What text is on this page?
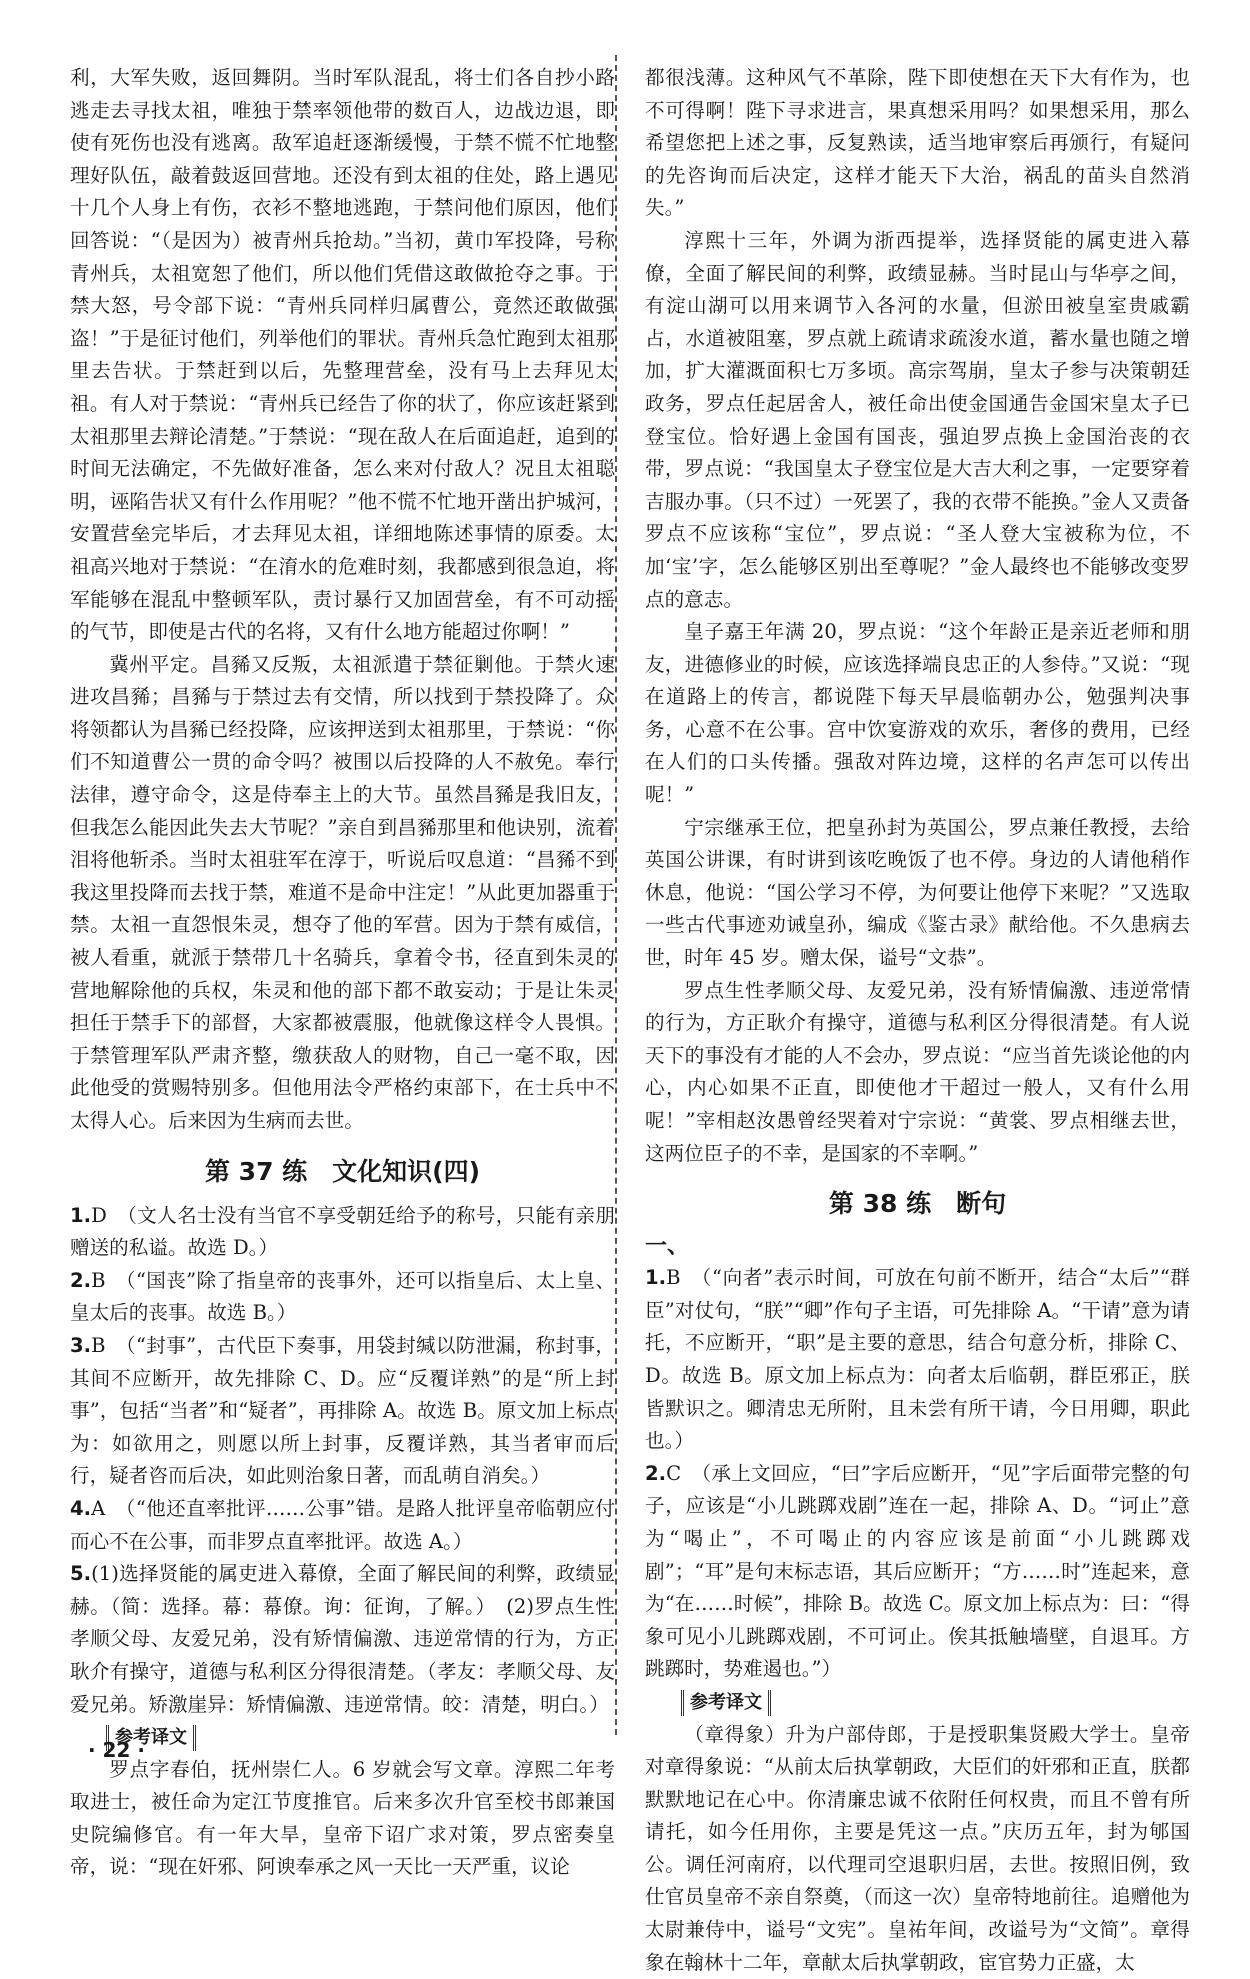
利，大军失败，返回舞阴。当时军队混乱，将士们各自抄小路逃走去寻找太祖，唯独于禁率领他带的数百人，边战边退，即使有死伤也没有逃离。敌军追赶逐渐缓慢，于禁不慌不忙地整理好队伍，敲着鼓返回营地。还没有到太祖的住处，路上遇见十几个人身上有伤，衣衫不整地逃跑，于禁问他们原因，他们回答说：“（是因为）被青州兵抢劫。”当初，黄巾军投降，号称青州兵，太祖宽恕了他们，所以他们凭借这敢做抢夺之事。于禁大怒，号令部下说：“青州兵同样归属曹公，竟然还敢做强盗！”于是征讨他们，列举他们的罪状。青州兵急忙跑到太祖那里去告状。于禁赶到以后，先整理营垒，没有马上去拜见太祖。有人对于禁说：“青州兵已经告了你的状了，你应该赶紧到太祖那里去辩论清楚。”于禁说：“现在敌人在后面追赶，追到的时间无法确定，不先做好准备，怎么来对付敌人？况且太祖聪明，诬陷告状又有什么作用呢？”他不慌不忙地开凿出护城河，安置营垒完毕后，才去拜见太祖，详细地陈述事情的原委。太祖高兴地对于禁说：“在淯水的危难时刻，我都感到很急迫，将军能够在混乱中整顿军队，责讨暴行又加固营垒，有不可动摇的气节，即使是古代的名将，又有什么地方能超过你啊！”

冀州平定。昌豨又反叛，太祖派遣于禁征剿他。于禁火速进攻昌豨；昌豨与于禁过去有交情，所以找到于禁投降了。众将领都认为昌豨已经投降，应该押送到太祖那里，于禁说：“你们不知道曹公一贯的命令吗？被围以后投降的人不赦免。奉行法律，遵守命令，这是侍奉主上的大节。虽然昌豨是我旧友，但我怎么能因此失去大节呢？”亲自到昌豨那里和他诀别，流着泪将他斩杀。当时太祖驻军在淳于，听说后叹息道：“昌豨不到我这里投降而去找于禁，难道不是命中注定！”从此更加器重于禁。太祖一直怨恨朱灵，想夺了他的军营。因为于禁有威信，被人看重，就派于禁带几十名骑兵，拿着令书，径直到朱灵的营地解除他的兵权，朱灵和他的部下都不敢妄动；于是让朱灵担任于禁手下的部督，大家都被震服，他就像这样令人畏惧。于禁管理军队严肃齐整，缴获敌人的财物，自己一毫不取，因此他受的赏赐特别多。但他用法令严格约束部下，在士兵中不太得人心。后来因为生病而去世。

第 37 练　文化知识(四)

1.D　（文人名士没有当官不享受朝廷给予的称号，只能有亲朋赠送的私谥。故选 D。）

2.B　（“国丧”除了指皇帝的丧事外，还可以指皇后、太上皇、皇太后的丧事。故选 B。）

3.B　（“封事”，古代臣下奏事，用袋封缄以防泄漏，称封事，其间不应断开，故先排除 C、D。应“反覆详熟”的是“所上封事”，包括“当者”和“疑者”，再排除 A。故选 B。原文加上标点为：如欲用之，则愿以所上封事，反覆详熟，其当者审而后行，疑者咨而后决，如此则治象日著，而乱萌自消矣。）

4.A　（“他还直率批评……公事”错。是路人批评皇帝临朝应付而心不在公事，而非罗点直率批评。故选 A。）

5.(1)选择贤能的属吏进入幕僚，全面了解民间的利弊，政绩显赫。（简：选择。幕：幕僚。询：征询，了解。）　(2)罗点生性孝顺父母、友爱兄弟，没有矫情偏激、违逆常情的行为，方正耿介有操守，道德与私利区分得很清楚。（孝友：孝顺父母、友爱兄弟。矫激崖异：矫情偏激、违逆常情。皎：清楚，明白。）

参考译文

罗点字春伯，抚州崇仁人。6 岁就会写文章。淳熙二年考取进士，被任命为定江节度推官。后来多次升官至校书郎兼国史院编修官。有一年大旱，皇帝下诏广求对策，罗点密奏皇帝，说：“现在奸邪、阿谀奉承之风一天比一天严重，议论

都很浅薄。这种风气不革除，陛下即使想在天下大有作为，也不可得啊！陛下寻求进言，果真想采用吗？如果想采用，那么希望您把上述之事，反复熟读，适当地审察后再颁行，有疑问的先咨询而后决定，这样才能天下大治，祸乱的苗头自然消失。”

淳熙十三年，外调为浙西提举，选择贤能的属吏进入幕僚，全面了解民间的利弊，政绩显赫。当时昆山与华亭之间，有淀山湖可以用来调节入各河的水量，但淤田被皇室贵戚霸占，水道被阻塞，罗点就上疏请求疏浚水道，蓄水量也随之增加，扩大灌溉面积七万多顷。高宗驾崩，皇太子参与决策朝廷政务，罗点任起居舍人，被任命出使金国通告金国宋皇太子已登宝位。恰好遇上金国有国丧，强迫罗点换上金国治丧的衣带，罗点说：“我国皇太子登宝位是大吉大利之事，一定要穿着吉服办事。（只不过）一死罢了，我的衣带不能换。”金人又责备罗点不应该称“宝位”，罗点说：“圣人登大宝被称为位，不加‘宝’字，怎么能够区别出至尊呢？”金人最终也不能够改变罗点的意志。

皇子嘉王年满 20，罗点说：“这个年龄正是亲近老师和朋友，进德修业的时候，应该选择端良忠正的人参侍。”又说：“现在道路上的传言，都说陛下每天早晨临朝办公，勉强判决事务，心意不在公事。宫中饮宴游戏的欢乐，奢侈的费用，已经在人们的口头传播。强敌对阵边境，这样的名声怎可以传出呢！”

宁宗继承王位，把皇孙封为英国公，罗点兼任教授，去给英国公讲课，有时讲到该吃晚饭了也不停。身边的人请他稍作休息，他说：“国公学习不停，为何要让他停下来呢？”又选取一些古代事迹劝诫皇孙，编成《鉴古录》献给他。不久患病去世，时年 45 岁。赠太保，谥号“文恭”。

罗点生性孝顺父母、友爱兄弟，没有矫情偏激、违逆常情的行为，方正耿介有操守，道德与私利区分得很清楚。有人说天下的事没有才能的人不会办，罗点说：“应当首先谈论他的内心，内心如果不正直，即使他才干超过一般人，又有什么用呢！”宰相赵汝愚曾经哭着对宁宗说：“黄裳、罗点相继去世，这两位臣子的不幸，是国家的不幸啊。”

第 38 练　断句
一、

1.B　（“向者”表示时间，可放在句前不断开，结合“太后”“群臣”对仗句，“朕”“卿”作句子主语，可先排除 A。“干请”意为请托，不应断开，“职”是主要的意思，结合句意分析，排除 C、D。故选 B。原文加上标点为：向者太后临朝，群臣邪正，朕皆默识之。卿清忠无所附，且未尝有所干请，今日用卿，职此也。）

2.C　（承上文回应，“曰”字后应断开，“见”字后面带完整的句子，应该是“小儿跳踯戏剧”连在一起，排除 A、D。“诃止”意为“喝止”，不可喝止的内容应该是前面“小儿跳踯戏剧”；“耳”是句末标志语，其后应断开；“方……时”连起来，意为“在……时候”，排除 B。故选 C。原文加上标点为：曰：“得象可见小儿跳踯戏剧，不可诃止。俟其抵触墙壁，自退耳。方跳踯时，势难遏也。”）

参考译文

（章得象）升为户部侍郎，于是授职集贤殿大学士。皇帝对章得象说：“从前太后执掌朝政，大臣们的奸邪和正直，朕都默默地记在心中。你清廉忠诚不依附任何权贵，而且不曾有所请托，如今任用你，主要是凭这一点。”庆历五年，封为郇国公。调任河南府，以代理司空退职归居，去世。按照旧例，致仕官员皇帝不亲自祭奠，（而这一次）皇帝特地前往。追赠他为太尉兼侍中，谥号“文宪”。皇祐年间，改谥号为“文简”。章得象在翰林十二年，章献太后执掌朝政，宦官势力正盛，太

· 22 ·
